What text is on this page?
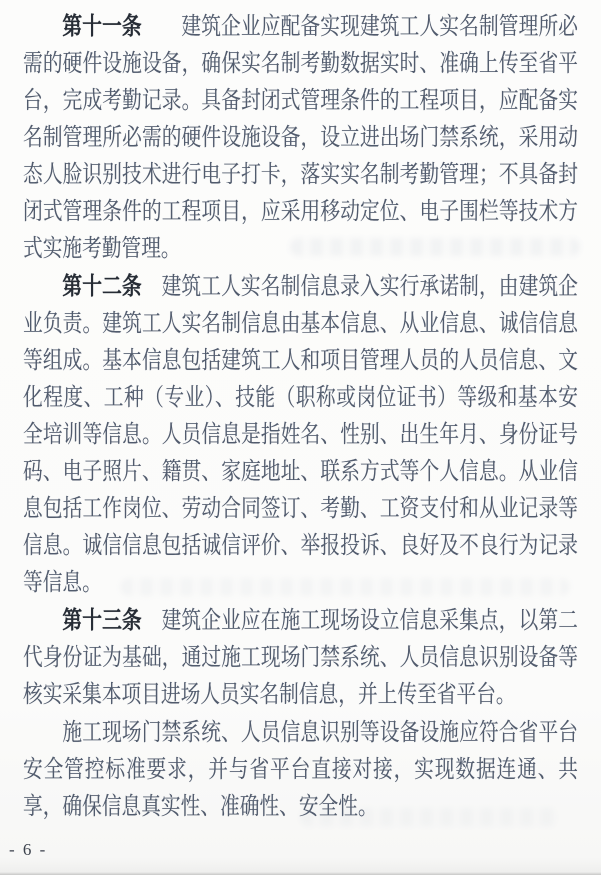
第十一条　　建筑企业应配备实现建筑工人实名制管理所必需的硬件设施设备，确保实名制考勤数据实时、准确上传至省平台，完成考勤记录。具备封闭式管理条件的工程项目，应配备实名制管理所必需的硬件设施设备，设立进出场门禁系统，采用动态人脸识别技术进行电子打卡，落实实名制考勤管理；不具备封闭式管理条件的工程项目，应采用移动定位、电子围栏等技术方式实施考勤管理。

第十二条　建筑工人实名制信息录入实行承诺制，由建筑企业负责。建筑工人实名制信息由基本信息、从业信息、诚信信息等组成。基本信息包括建筑工人和项目管理人员的人员信息、文化程度、工种（专业）、技能（职称或岗位证书）等级和基本安全培训等信息。人员信息是指姓名、性别、出生年月、身份证号码、电子照片、籍贯、家庭地址、联系方式等个人信息。从业信息包括工作岗位、劳动合同签订、考勤、工资支付和从业记录等信息。诚信信息包括诚信评价、举报投诉、良好及不良行为记录等信息。

第十三条　建筑企业应在施工现场设立信息采集点，以第二代身份证为基础，通过施工现场门禁系统、人员信息识别设备等核实采集本项目进场人员实名制信息，并上传至省平台。

施工现场门禁系统、人员信息识别等设备设施应符合省平台安全管控标准要求，并与省平台直接对接，实现数据连通、共享，确保信息真实性、准确性、安全性。

- 6 -
